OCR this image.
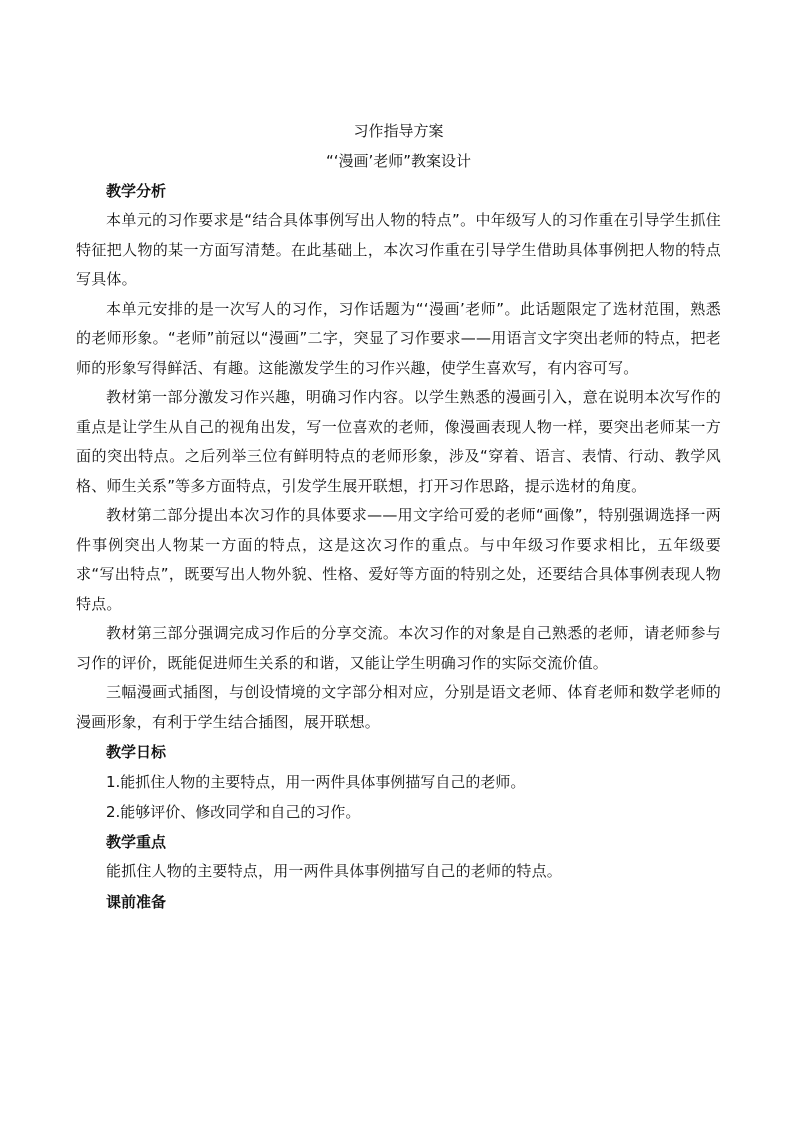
习作指导方案

“‘漫画’老师”教案设计

教学分析

本单元的习作要求是“结合具体事例写出人物的特点”。中年级写人的习作重在引导学生抓住特征把人物的某一方面写清楚。在此基础上，本次习作重在引导学生借助具体事例把人物的特点写具体。

本单元安排的是一次写人的习作，习作话题为“‘漫画’老师”。此话题限定了选材范围，熟悉的老师形象。“老师”前冠以“漫画”二字，突显了习作要求——用语言文字突出老师的特点，把老师的形象写得鲜活、有趣。这能激发学生的习作兴趣，使学生喜欢写，有内容可写。

教材第一部分激发习作兴趣，明确习作内容。以学生熟悉的漫画引入，意在说明本次写作的重点是让学生从自己的视角出发，写一位喜欢的老师，像漫画表现人物一样，要突出老师某一方面的突出特点。之后列举三位有鲜明特点的老师形象，涉及“穿着、语言、表情、行动、教学风格、师生关系”等多方面特点，引发学生展开联想，打开习作思路，提示选材的角度。

教材第二部分提出本次习作的具体要求——用文字给可爱的老师“画像”，特别强调选择一两件事例突出人物某一方面的特点，这是这次习作的重点。与中年级习作要求相比，五年级要求“写出特点”，既要写出人物外貌、性格、爱好等方面的特别之处，还要结合具体事例表现人物特点。

教材第三部分强调完成习作后的分享交流。本次习作的对象是自己熟悉的老师，请老师参与习作的评价，既能促进师生关系的和谐，又能让学生明确习作的实际交流价值。

三幅漫画式插图，与创设情境的文字部分相对应，分别是语文老师、体育老师和数学老师的漫画形象，有利于学生结合插图，展开联想。

教学日标

1.能抓住人物的主要特点，用一两件具体事例描写自己的老师。

2.能够评价、修改同学和自己的习作。

教学重点

能抓住人物的主要特点，用一两件具体事例描写自己的老师的特点。

课前准备
